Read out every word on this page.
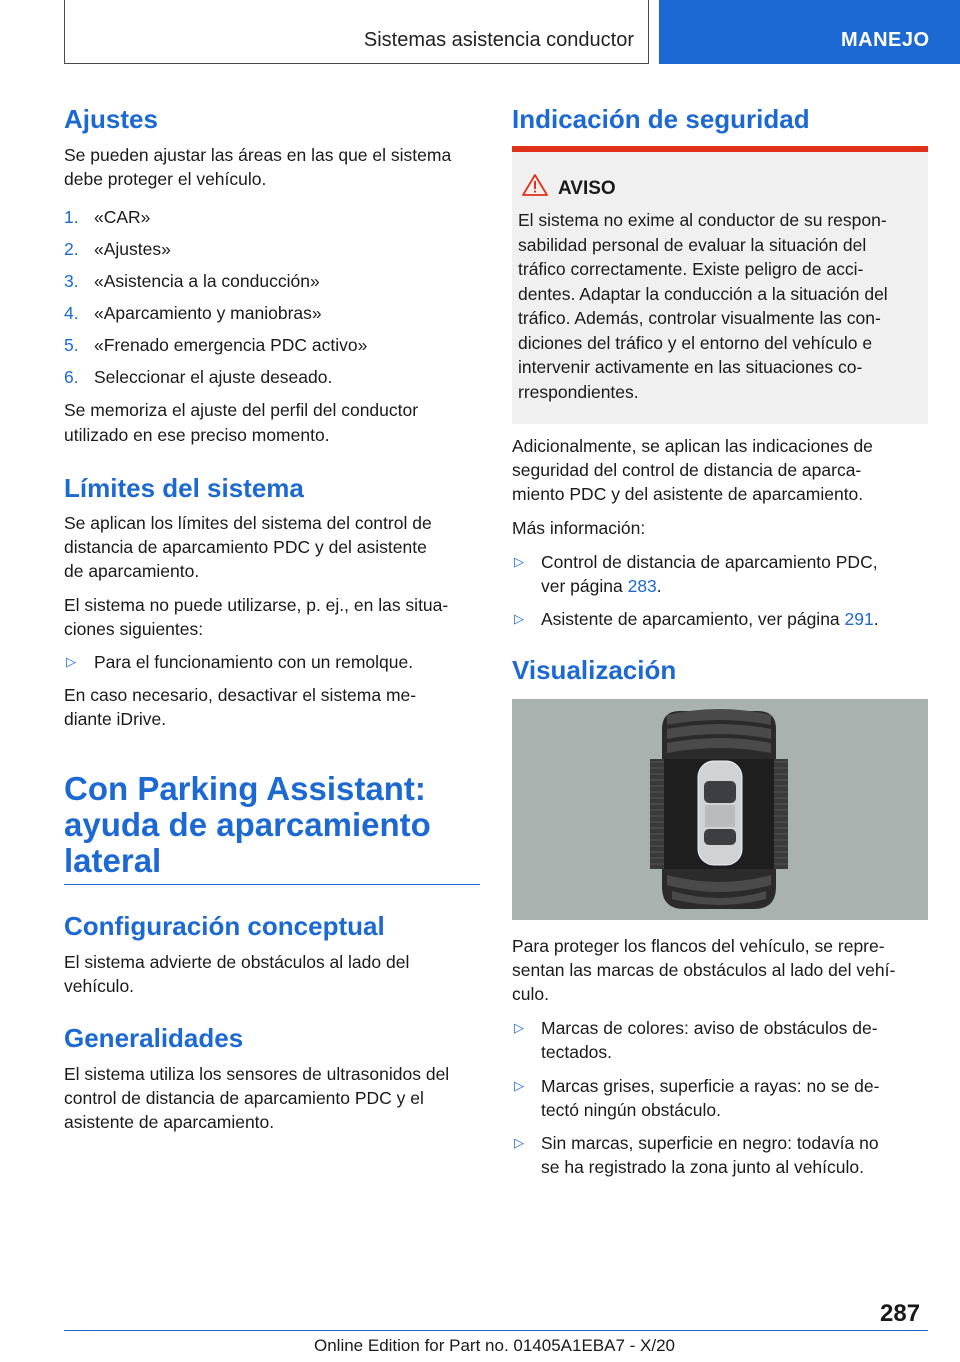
Sistemas asistencia conductor	MANEJO
Ajustes
Se pueden ajustar las áreas en las que el sistema debe proteger el vehículo.
1. «CAR»
2. «Ajustes»
3. «Asistencia a la conducción»
4. «Aparcamiento y maniobras»
5. «Frenado emergencia PDC activo»
6. Seleccionar el ajuste deseado.
Se memoriza el ajuste del perfil del conductor
utilizado en ese preciso momento.
Límites del sistema
Se aplican los límites del sistema del control de
distancia de aparcamiento PDC y del asistente
de aparcamiento.
El sistema no puede utilizarse, p. ej., en las situa‐
ciones siguientes:
▷ Para el funcionamiento con un remolque.
En caso necesario, desactivar el sistema me‐
diante iDrive.
Con Parking Assistant:
ayuda de aparcamiento
lateral
Configuración conceptual
El sistema advierte de obstáculos al lado del
vehículo.
Generalidades
El sistema utiliza los sensores de ultrasonidos del
control de distancia de aparcamiento PDC y el
asistente de aparcamiento.
Indicación de seguridad
AVISO
El sistema no exime al conductor de su respon‐
sabilidad personal de evaluar la situación del
tráfico correctamente. Existe peligro de acci‐
dentes. Adaptar la conducción a la situación del
tráfico. Además, controlar visualmente las con‐
diciones del tráfico y el entorno del vehículo e
intervenir activamente en las situaciones co‐
rrespondientes.
Adicionalmente, se aplican las indicaciones de
seguridad del control de distancia de aparca‐
miento PDC y del asistente de aparcamiento.
Más información:
▷ Control de distancia de aparcamiento PDC,
ver página 283.
▷ Asistente de aparcamiento, ver página 291.
Visualización
Para proteger los flancos del vehículo, se repre‐
sentan las marcas de obstáculos al lado del vehí‐
culo.
▷ Marcas de colores: aviso de obstáculos de‐
tectados.
▷ Marcas grises, superficie a rayas: no se de‐
tectó ningún obstáculo.
▷ Sin marcas, superficie en negro: todavía no
se ha registrado la zona junto al vehículo.
287
Online Edition for Part no. 01405A1EBA7 - X/20
